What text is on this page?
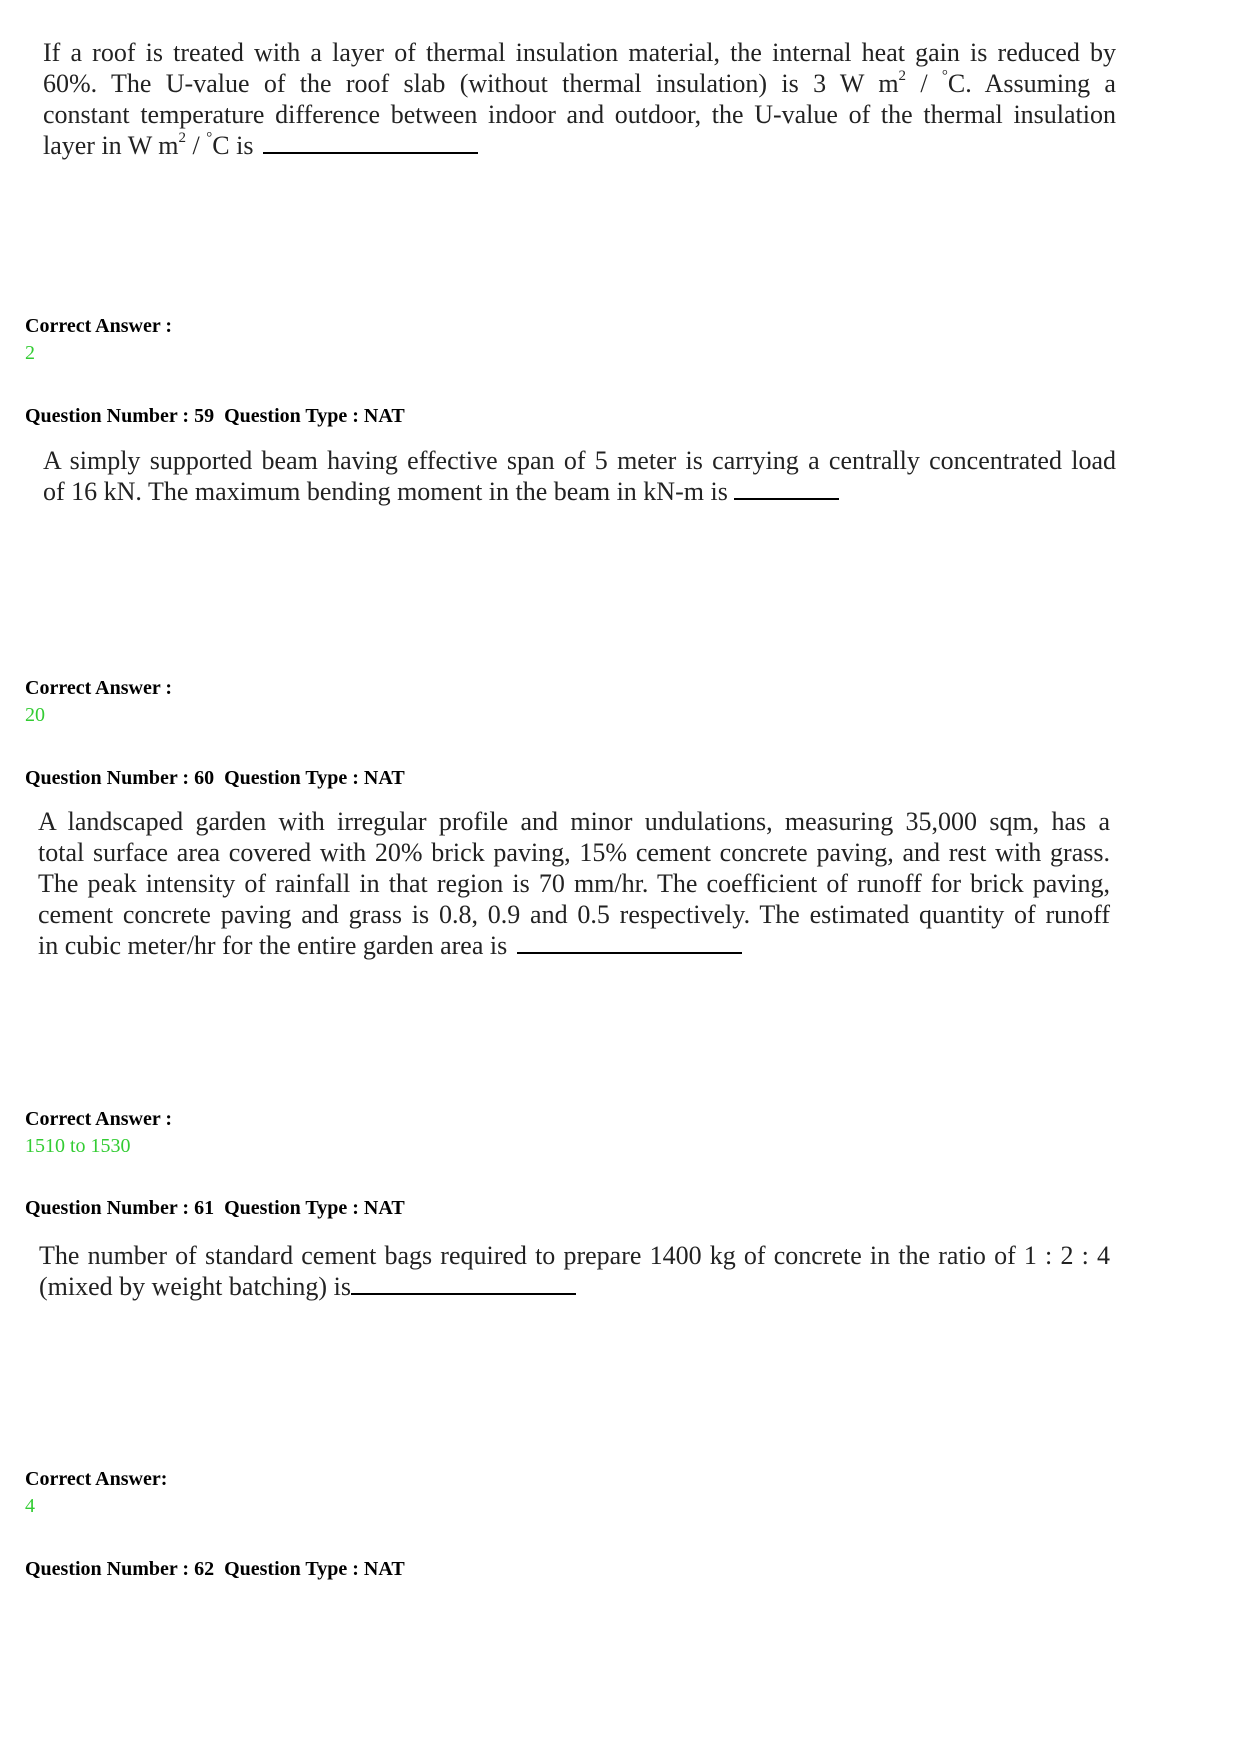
If a roof is treated with a layer of thermal insulation material, the internal heat gain is reduced by
60%. The U-value of the roof slab (without thermal insulation) is 3 W $m^2 / ^\circ C$. Assuming a
constant temperature difference between indoor and outdoor, the U-value of the thermal insulation
layer in W $m^2 / ^\circ C$ is
Correct Answer :
2
Question Number : 59  Question Type : NAT
A simply supported beam having effective span of 5 meter is carrying a centrally concentrated load
of 16 kN. The maximum bending moment in the beam in kN-m is
Correct Answer :
20
Question Number : 60  Question Type : NAT
A landscaped garden with irregular profile and minor undulations, measuring 35,000 sqm, has a
total surface area covered with 20% brick paving, 15% cement concrete paving, and rest with grass.
The peak intensity of rainfall in that region is 70 mm/hr. The coefficient of runoff for brick paving,
cement concrete paving and grass is 0.8, 0.9 and 0.5 respectively. The estimated quantity of runoff
in cubic meter/hr for the entire garden area is
Correct Answer :
1510 to 1530
Question Number : 61  Question Type : NAT
The number of standard cement bags required to prepare 1400 kg of concrete in the ratio of 1 : 2 : 4
(mixed by weight batching) is
Correct Answer:
4
Question Number : 62  Question Type : NAT
